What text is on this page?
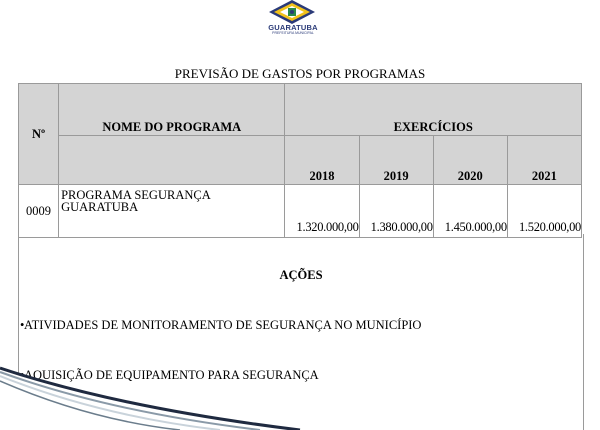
GUARATUBA
PREFEITURA MUNICIPAL
PREVISÃO DE GASTOS POR PROGRAMAS
Nº	NOME DO PROGRAMA	EXERCÍCIOS			
		2018	2019	2020	2021
0009	PROGRAMA SEGURANÇA GUARATUBA	1.320.000,00	1.380.000,00	1.450.000,00	1.520.000,00
AÇÕES
•ATIVIDADES DE MONITORAMENTO DE SEGURANÇA NO MUNICÍPIO
•AQUISIÇÃO DE EQUIPAMENTO PARA SEGURANÇA
